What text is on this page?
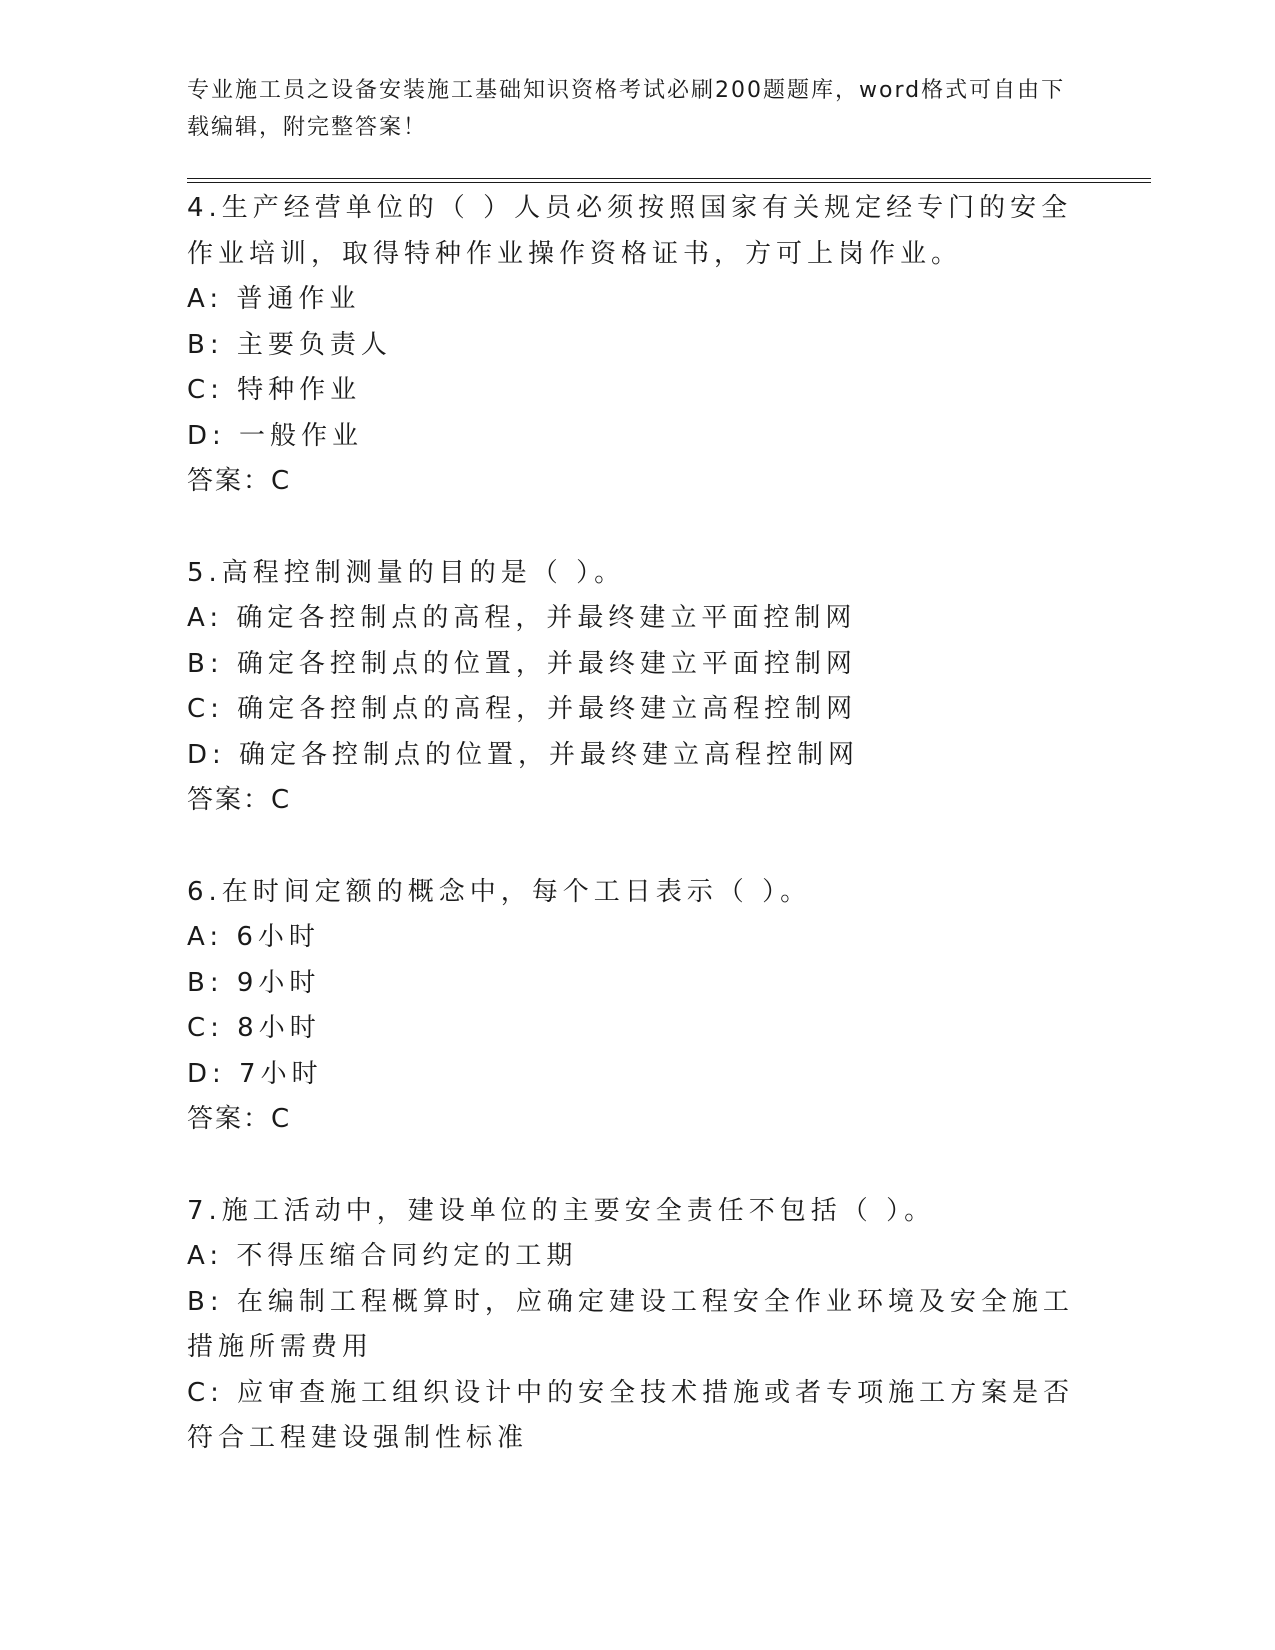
专业施工员之设备安装施工基础知识资格考试必刷200题题库，word格式可自由下载编辑，附完整答案！

4.生产经营单位的（ ）人员必须按照国家有关规定经专门的安全作业培训，取得特种作业操作资格证书，方可上岗作业。

A: 普通作业

B: 主要负责人

C: 特种作业

D: 一般作业

答案：C

5.高程控制测量的目的是（ ）。

A: 确定各控制点的高程，并最终建立平面控制网

B: 确定各控制点的位置，并最终建立平面控制网

C: 确定各控制点的高程，并最终建立高程控制网

D: 确定各控制点的位置，并最终建立高程控制网

答案：C

6.在时间定额的概念中，每个工日表示（ ）。

A: 6小时

B: 9小时

C: 8小时

D: 7小时

答案：C

7.施工活动中，建设单位的主要安全责任不包括（ ）。

A: 不得压缩合同约定的工期

B: 在编制工程概算时，应确定建设工程安全作业环境及安全施工措施所需费用

C: 应审查施工组织设计中的安全技术措施或者专项施工方案是否符合工程建设强制性标准
